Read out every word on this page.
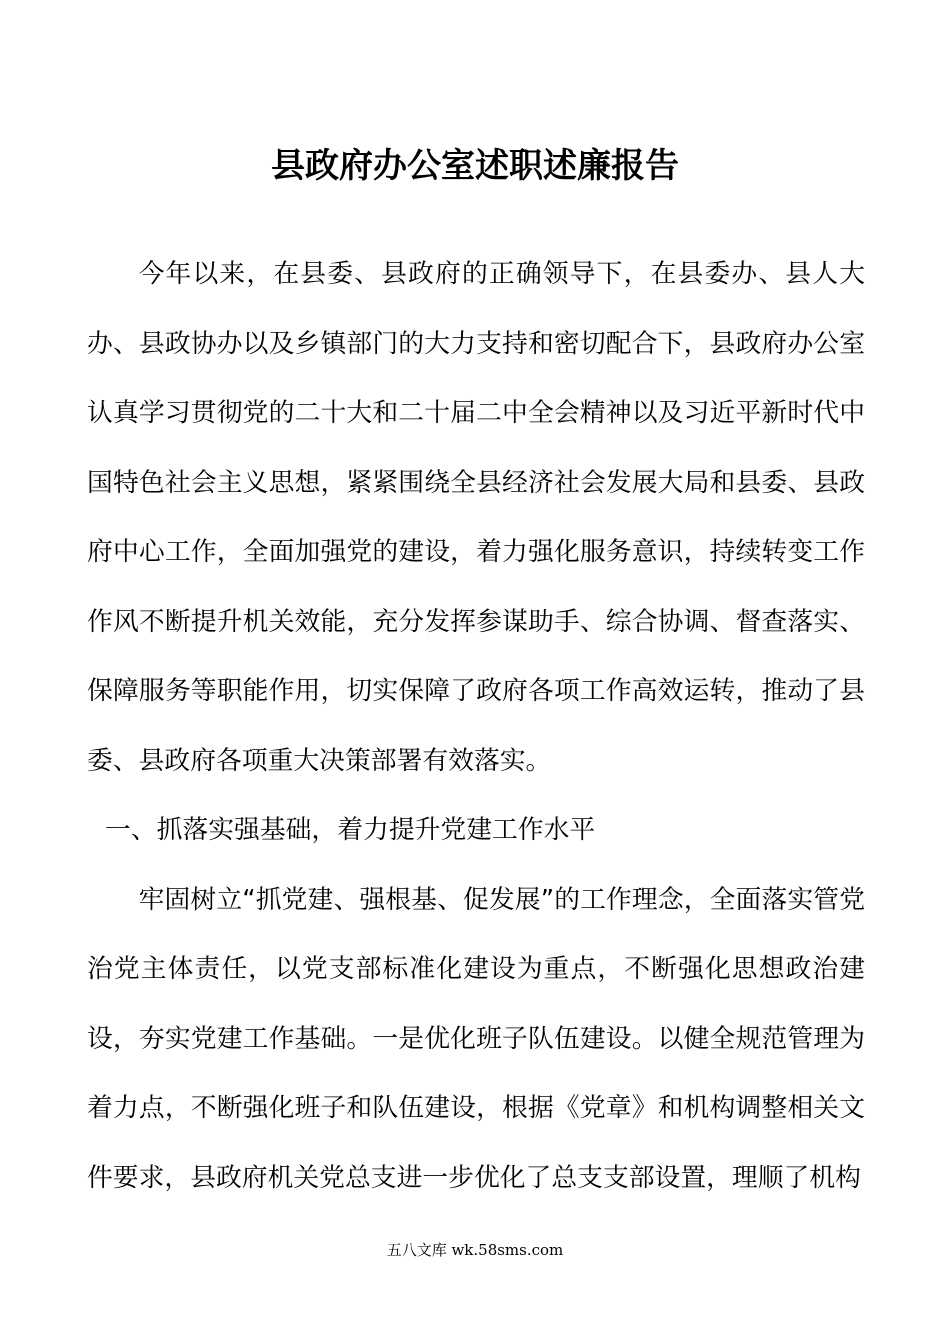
县政府办公室述职述廉报告

今年以来，在县委、县政府的正确领导下，在县委办、县人大办、县政协办以及乡镇部门的大力支持和密切配合下，县政府办公室认真学习贯彻党的二十大和二十届二中全会精神以及习近平新时代中国特色社会主义思想，紧紧围绕全县经济社会发展大局和县委、县政府中心工作，全面加强党的建设，着力强化服务意识，持续转变工作作风不断提升机关效能，充分发挥参谋助手、综合协调、督查落实、保障服务等职能作用，切实保障了政府各项工作高效运转，推动了县委、县政府各项重大决策部署有效落实。

一、抓落实强基础，着力提升党建工作水平

牢固树立“抓党建、强根基、促发展”的工作理念，全面落实管党治党主体责任，以党支部标准化建设为重点，不断强化思想政治建设，夯实党建工作基础。一是优化班子队伍建设。以健全规范管理为着力点，不断强化班子和队伍建设，根据《党章》和机构调整相关文件要求，县政府机关党总支进一步优化了总支支部设置，理顺了机构

五八文库 wk.58sms.com
